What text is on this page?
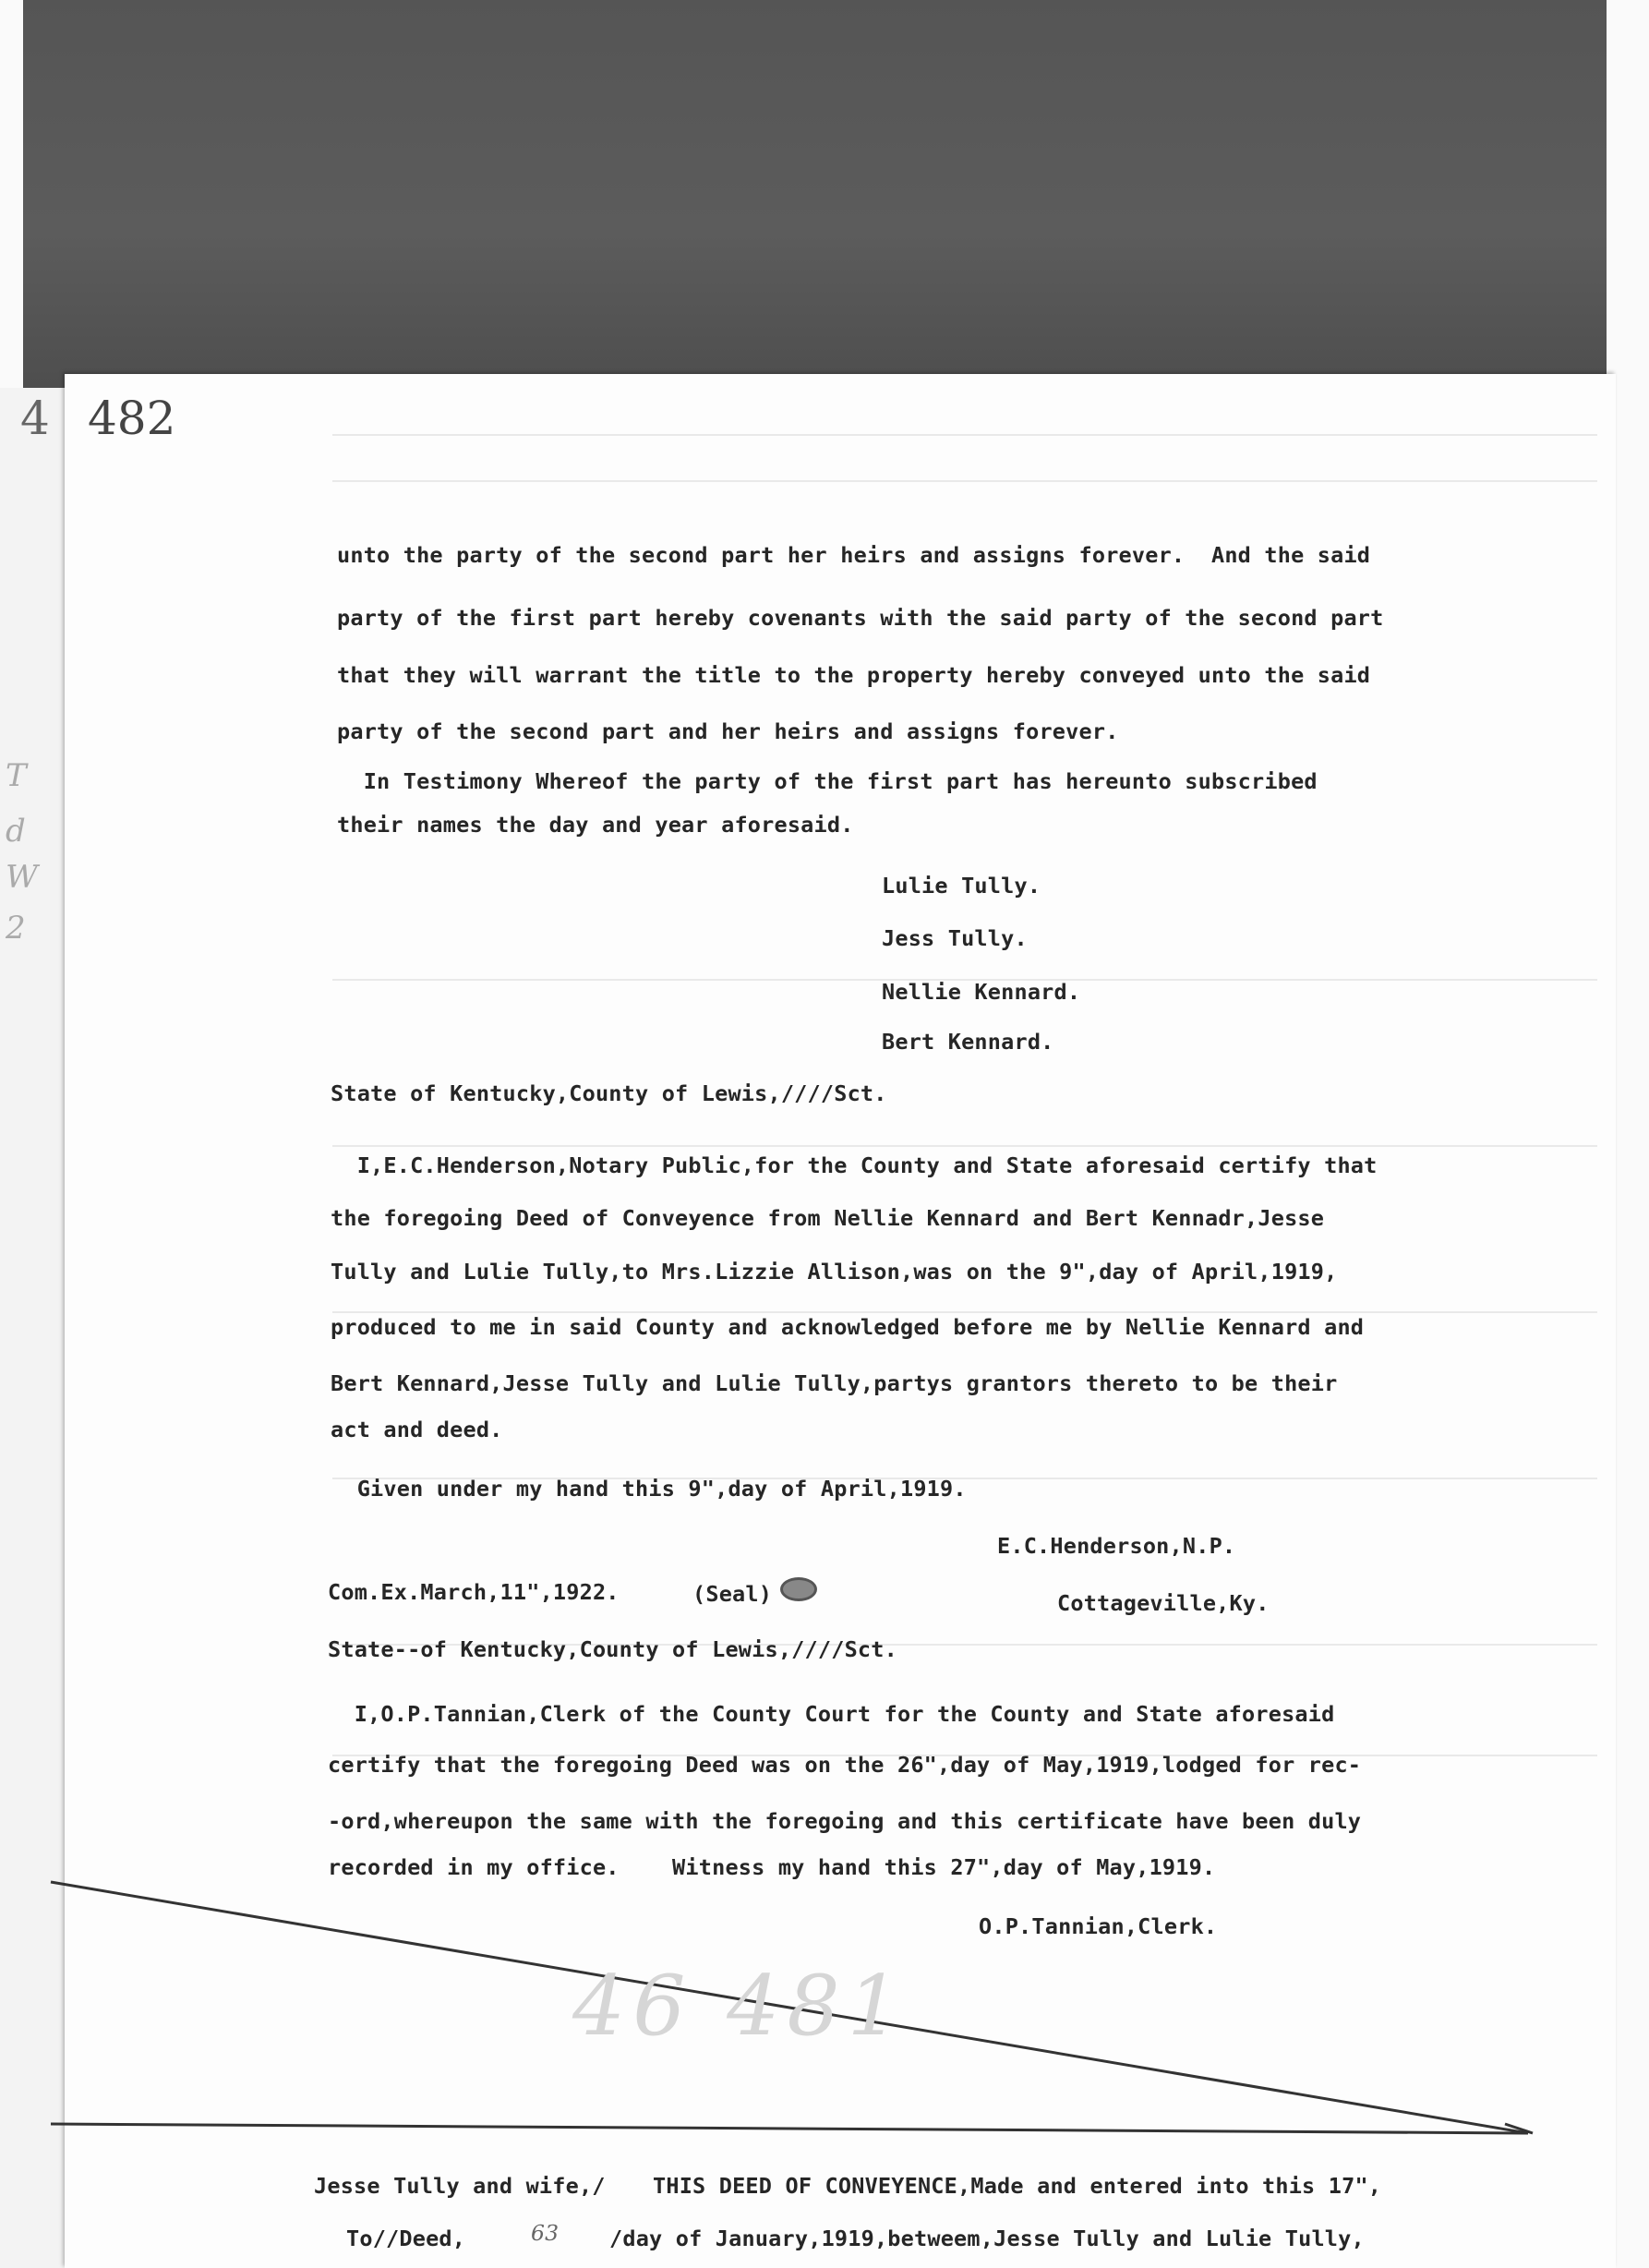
4 482
T
d
W
2
unto the party of the second part her heirs and assigns forever.  And the said
party of the first part hereby covenants with the said party of the second part
that they will warrant the title to the property hereby conveyed unto the said
party of the second part and her heirs and assigns forever.
In Testimony Whereof the party of the first part has hereunto subscribed
their names the day and year aforesaid.
Lulie Tully.
Jess Tully.
Nellie Kennard.
Bert Kennard.
State of Kentucky,County of Lewis,////Sct.
I,E.C.Henderson,Notary Public,for the County and State aforesaid certify that
the foregoing Deed of Conveyence from Nellie Kennard and Bert Kennadr,Jesse
Tully and Lulie Tully,to Mrs.Lizzie Allison,was on the 9",day of April,1919,
produced to me in said County and acknowledged before me by Nellie Kennard and
Bert Kennard,Jesse Tully and Lulie Tully,partys grantors thereto to be their
act and deed.
Given under my hand this 9",day of April,1919.
E.C.Henderson,N.P.
Com.Ex.March,11",1922.	(Seal)	Cottageville,Ky.
State--of Kentucky,County of Lewis,////Sct.
I,O.P.Tannian,Clerk of the County Court for the County and State aforesaid
certify that the foregoing Deed was on the 26",day of May,1919,lodged for rec-
-ord,whereupon the same with the foregoing and this certificate have been duly
recorded in my office.    Witness my hand this 27",day of May,1919.
O.P.Tannian,Clerk.
46 481
Jesse Tully and wife,/ THIS DEED OF CONVEYENCE,Made and entered into this 17",
To//Deed,	63 /day of January,1919,betweem,Jesse Tully and Lulie Tully,
